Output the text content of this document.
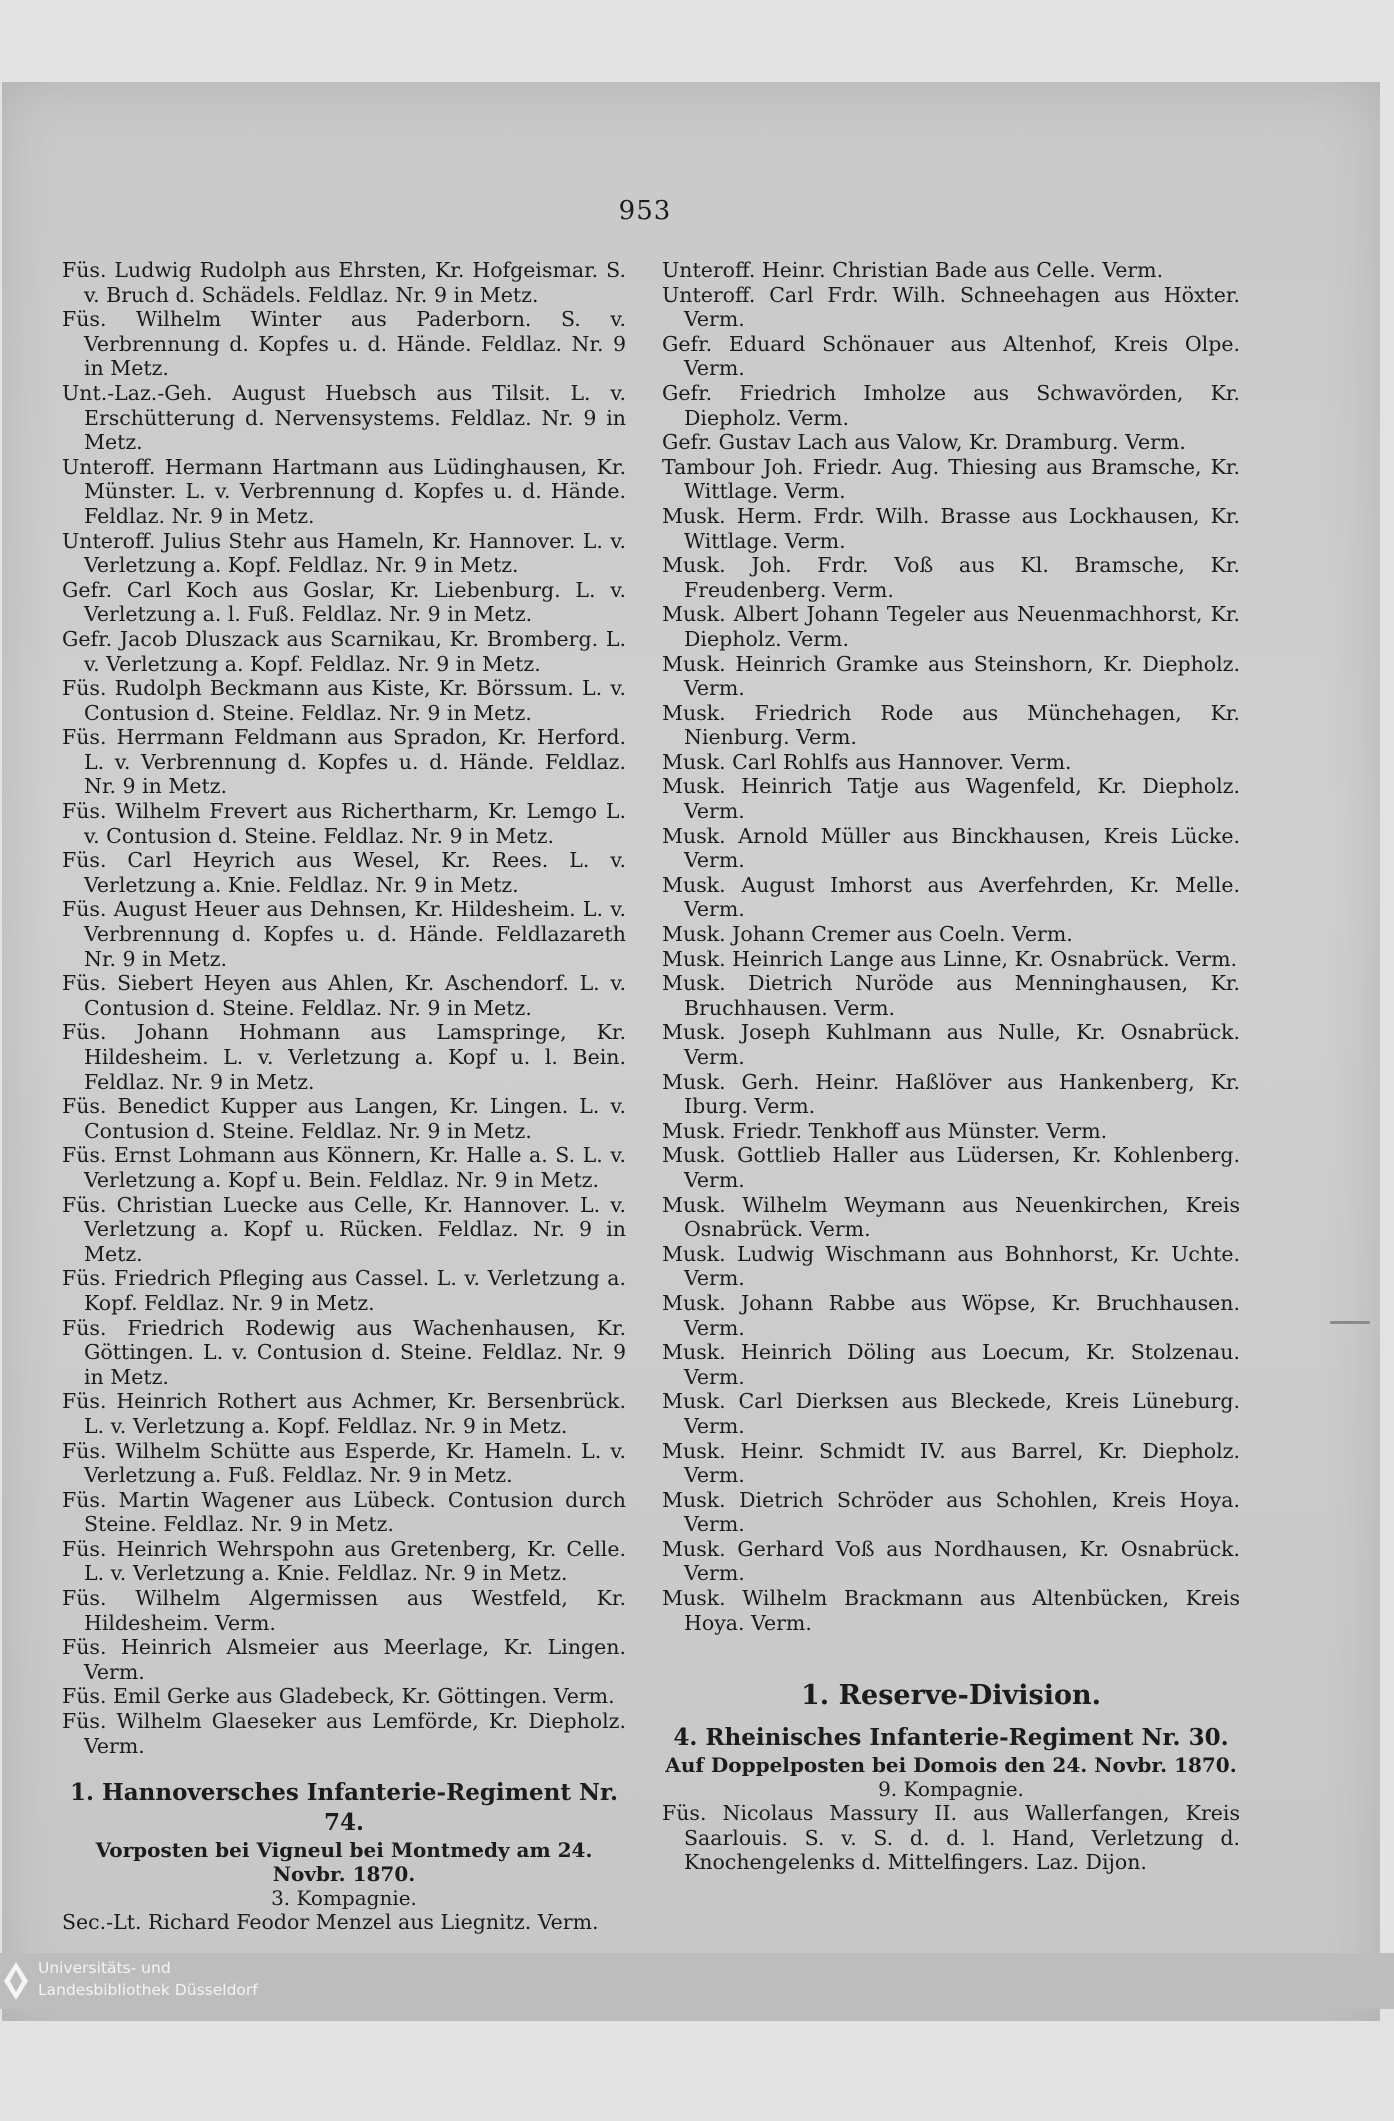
953
Füs. Ludwig Rudolph aus Ehrsten, Kr. Hofgeismar. S. v. Bruch d. Schädels. Feldlaz. Nr. 9 in Metz.
Füs. Wilhelm Winter aus Paderborn. S. v. Verbrennung d. Kopfes u. d. Hände. Feldlaz. Nr. 9 in Metz.
Unt.-Laz.-Geh. August Huebsch aus Tilsit. L. v. Erschütterung d. Nervensystems. Feldlaz. Nr. 9 in Metz.
Unteroff. Hermann Hartmann aus Lüdinghausen, Kr. Münster. L. v. Verbrennung d. Kopfes u. d. Hände. Feldlaz. Nr. 9 in Metz.
Unteroff. Julius Stehr aus Hameln, Kr. Hannover. L. v. Verletzung a. Kopf. Feldlaz. Nr. 9 in Metz.
Gefr. Carl Koch aus Goslar, Kr. Liebenburg. L. v. Verletzung a. l. Fuß. Feldlaz. Nr. 9 in Metz.
Gefr. Jacob Dluszack aus Scarnikau, Kr. Bromberg. L. v. Verletzung a. Kopf. Feldlaz. Nr. 9 in Metz.
Füs. Rudolph Beckmann aus Kiste, Kr. Börssum. L. v. Contusion d. Steine. Feldlaz. Nr. 9 in Metz.
Füs. Herrmann Feldmann aus Spradon, Kr. Herford. L. v. Verbrennung d. Kopfes u. d. Hände. Feldlaz. Nr. 9 in Metz.
Füs. Wilhelm Frevert aus Richertharm, Kr. Lemgo L. v. Contusion d. Steine. Feldlaz. Nr. 9 in Metz.
Füs. Carl Heyrich aus Wesel, Kr. Rees. L. v. Verletzung a. Knie. Feldlaz. Nr. 9 in Metz.
Füs. August Heuer aus Dehnsen, Kr. Hildesheim. L. v. Verbrennung d. Kopfes u. d. Hände. Feldlazareth Nr. 9 in Metz.
Füs. Siebert Heyen aus Ahlen, Kr. Aschendorf. L. v. Contusion d. Steine. Feldlaz. Nr. 9 in Metz.
Füs. Johann Hohmann aus Lamspringe, Kr. Hildesheim. L. v. Verletzung a. Kopf u. l. Bein. Feldlaz. Nr. 9 in Metz.
Füs. Benedict Kupper aus Langen, Kr. Lingen. L. v. Contusion d. Steine. Feldlaz. Nr. 9 in Metz.
Füs. Ernst Lohmann aus Könnern, Kr. Halle a. S. L. v. Verletzung a. Kopf u. Bein. Feldlaz. Nr. 9 in Metz.
Füs. Christian Luecke aus Celle, Kr. Hannover. L. v. Verletzung a. Kopf u. Rücken. Feldlaz. Nr. 9 in Metz.
Füs. Friedrich Pfleging aus Cassel. L. v. Verletzung a. Kopf. Feldlaz. Nr. 9 in Metz.
Füs. Friedrich Rodewig aus Wachenhausen, Kr. Göttingen. L. v. Contusion d. Steine. Feldlaz. Nr. 9 in Metz.
Füs. Heinrich Rothert aus Achmer, Kr. Bersenbrück. L. v. Verletzung a. Kopf. Feldlaz. Nr. 9 in Metz.
Füs. Wilhelm Schütte aus Esperde, Kr. Hameln. L. v. Verletzung a. Fuß. Feldlaz. Nr. 9 in Metz.
Füs. Martin Wagener aus Lübeck. Contusion durch Steine. Feldlaz. Nr. 9 in Metz.
Füs. Heinrich Wehrspohn aus Gretenberg, Kr. Celle. L. v. Verletzung a. Knie. Feldlaz. Nr. 9 in Metz.
Füs. Wilhelm Algermissen aus Westfeld, Kr. Hildesheim. Verm.
Füs. Heinrich Alsmeier aus Meerlage, Kr. Lingen. Verm.
Füs. Emil Gerke aus Gladebeck, Kr. Göttingen. Verm.
Füs. Wilhelm Glaeseker aus Lemförde, Kr. Diepholz. Verm.
1. Hannoversches Infanterie-Regiment Nr. 74.
Vorposten bei Vigneul bei Montmedy am 24. Novbr. 1870.
3. Kompagnie.
Sec.-Lt. Richard Feodor Menzel aus Liegnitz. Verm.
Unteroff. Heinr. Christian Bade aus Celle. Verm.
Unteroff. Carl Frdr. Wilh. Schneehagen aus Höxter. Verm.
Gefr. Eduard Schönauer aus Altenhof, Kreis Olpe. Verm.
Gefr. Friedrich Imholze aus Schwavörden, Kr. Diepholz. Verm.
Gefr. Gustav Lach aus Valow, Kr. Dramburg. Verm.
Tambour Joh. Friedr. Aug. Thiesing aus Bramsche, Kr. Wittlage. Verm.
Musk. Herm. Frdr. Wilh. Brasse aus Lockhausen, Kr. Wittlage. Verm.
Musk. Joh. Frdr. Voß aus Kl. Bramsche, Kr. Freudenberg. Verm.
Musk. Albert Johann Tegeler aus Neuenmachhorst, Kr. Diepholz. Verm.
Musk. Heinrich Gramke aus Steinshorn, Kr. Diepholz. Verm.
Musk. Friedrich Rode aus Münchehagen, Kr. Nienburg. Verm.
Musk. Carl Rohlfs aus Hannover. Verm.
Musk. Heinrich Tatje aus Wagenfeld, Kr. Diepholz. Verm.
Musk. Arnold Müller aus Binckhausen, Kreis Lücke. Verm.
Musk. August Imhorst aus Averfehrden, Kr. Melle. Verm.
Musk. Johann Cremer aus Coeln. Verm.
Musk. Heinrich Lange aus Linne, Kr. Osnabrück. Verm.
Musk. Dietrich Nuröde aus Menninghausen, Kr. Bruchhausen. Verm.
Musk. Joseph Kuhlmann aus Nulle, Kr. Osnabrück. Verm.
Musk. Gerh. Heinr. Haßlöver aus Hankenberg, Kr. Iburg. Verm.
Musk. Friedr. Tenkhoff aus Münster. Verm.
Musk. Gottlieb Haller aus Lüdersen, Kr. Kohlenberg. Verm.
Musk. Wilhelm Weymann aus Neuenkirchen, Kreis Osnabrück. Verm.
Musk. Ludwig Wischmann aus Bohnhorst, Kr. Uchte. Verm.
Musk. Johann Rabbe aus Wöpse, Kr. Bruchhausen. Verm.
Musk. Heinrich Döling aus Loecum, Kr. Stolzenau. Verm.
Musk. Carl Dierksen aus Bleckede, Kreis Lüneburg. Verm.
Musk. Heinr. Schmidt IV. aus Barrel, Kr. Diepholz. Verm.
Musk. Dietrich Schröder aus Schohlen, Kreis Hoya. Verm.
Musk. Gerhard Voß aus Nordhausen, Kr. Osnabrück. Verm.
Musk. Wilhelm Brackmann aus Altenbücken, Kreis Hoya. Verm.
1. Reserve-Division.
4. Rheinisches Infanterie-Regiment Nr. 30.
Auf Doppelposten bei Domois den 24. Novbr. 1870.
9. Kompagnie.
Füs. Nicolaus Massury II. aus Wallerfangen, Kreis Saarlouis. S. v. S. d. d. l. Hand, Verletzung d. Knochengelenks d. Mittelfingers. Laz. Dijon.
Universitäts- und
Landesbibliothek Düsseldorf
